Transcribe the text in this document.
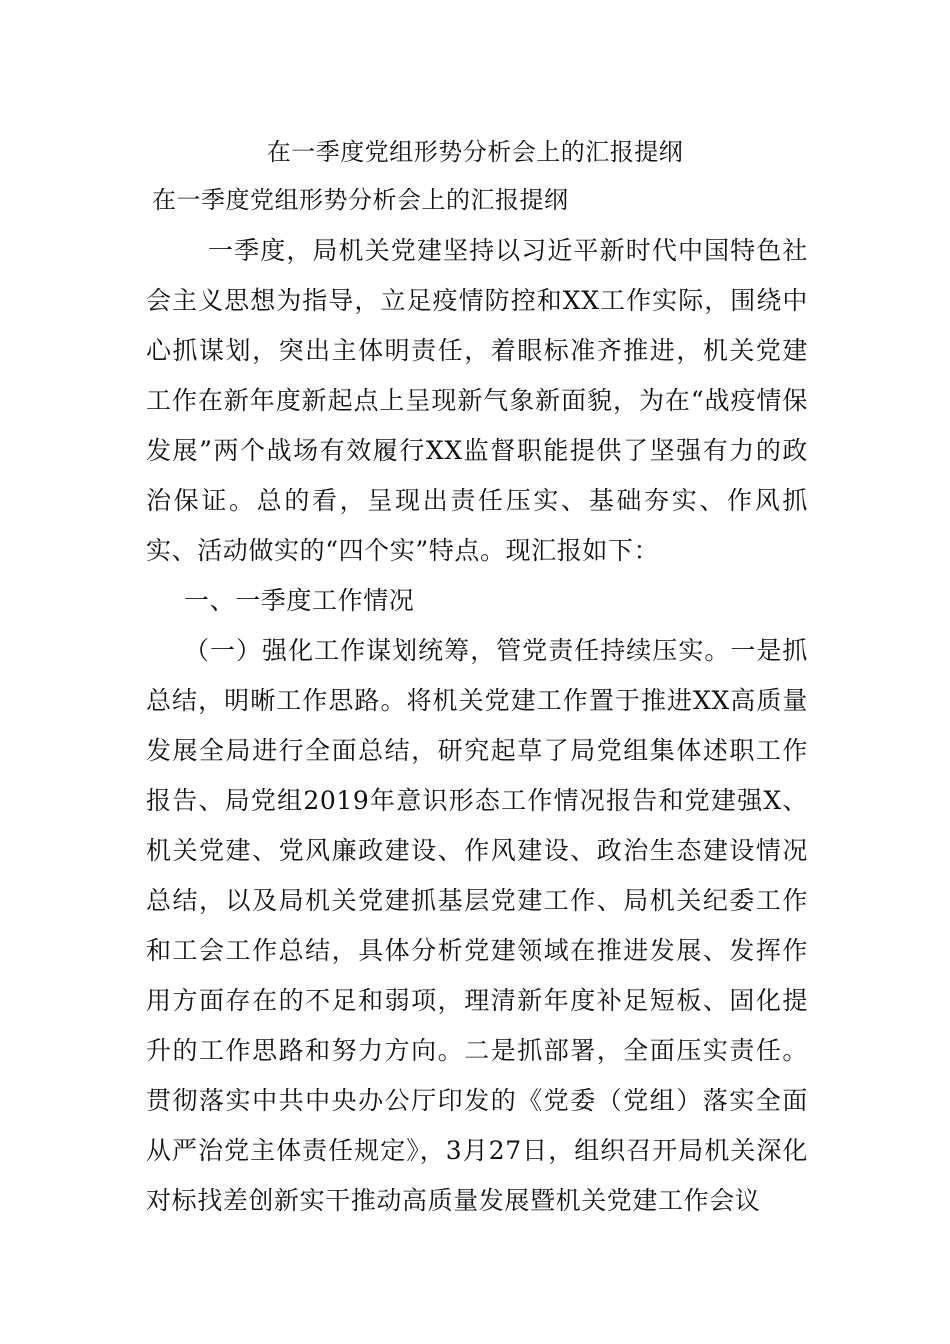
在一季度党组形势分析会上的汇报提纲
在一季度党组形势分析会上的汇报提纲

一季度，局机关党建坚持以习近平新时代中国特色社会主义思想为指导，立足疫情防控和XX工作实际，围绕中心抓谋划，突出主体明责任，着眼标准齐推进，机关党建工作在新年度新起点上呈现新气象新面貌，为在“战疫情保发展”两个战场有效履行XX监督职能提供了坚强有力的政治保证。总的看，呈现出责任压实、基础夯实、作风抓实、活动做实的“四个实”特点。现汇报如下：

一、一季度工作情况

（一）强化工作谋划统筹，管党责任持续压实。一是抓总结，明晰工作思路。将机关党建工作置于推进XX高质量发展全局进行全面总结，研究起草了局党组集体述职工作报告、局党组2019年意识形态工作情况报告和党建强X、机关党建、党风廉政建设、作风建设、政治生态建设情况总结，以及局机关党建抓基层党建工作、局机关纪委工作和工会工作总结，具体分析党建领域在推进发展、发挥作用方面存在的不足和弱项，理清新年度补足短板、固化提升的工作思路和努力方向。二是抓部署，全面压实责任。贯彻落实中共中央办公厅印发的《党委（党组）落实全面从严治党主体责任规定》，3月27日，组织召开局机关深化对标找差创新实干推动高质量发展暨机关党建工作会议
